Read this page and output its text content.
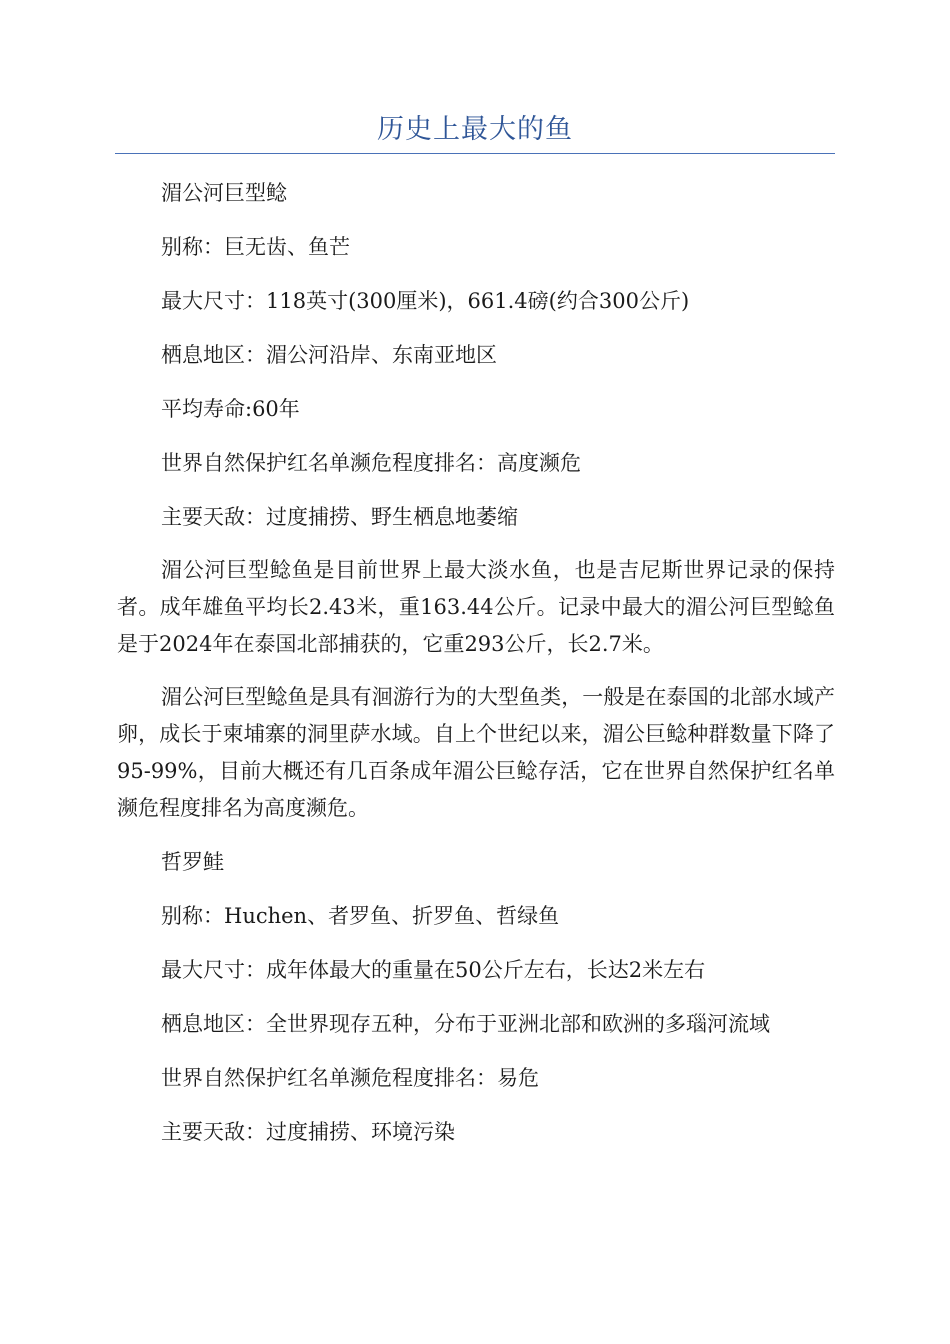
历史上最大的鱼

湄公河巨型鲶

别称：巨无齿、鱼芒

最大尺寸：118英寸(300厘米)，661.4磅(约合300公斤)

栖息地区：湄公河沿岸、东南亚地区

平均寿命:60年

世界自然保护红名单濒危程度排名：高度濒危

主要天敌：过度捕捞、野生栖息地萎缩

湄公河巨型鲶鱼是目前世界上最大淡水鱼，也是吉尼斯世界记录的保持者。成年雄鱼平均长2.43米，重163.44公斤。记录中最大的湄公河巨型鲶鱼是于2024年在泰国北部捕获的，它重293公斤，长2.7米。

湄公河巨型鲶鱼是具有洄游行为的大型鱼类，一般是在泰国的北部水域产卵，成长于柬埔寨的洞里萨水域。自上个世纪以来，湄公巨鲶种群数量下降了95-99%，目前大概还有几百条成年湄公巨鲶存活，它在世界自然保护红名单濒危程度排名为高度濒危。

哲罗鲑

别称：Huchen、者罗鱼、折罗鱼、哲绿鱼

最大尺寸：成年体最大的重量在50公斤左右，长达2米左右

栖息地区：全世界现存五种，分布于亚洲北部和欧洲的多瑙河流域

世界自然保护红名单濒危程度排名：易危

主要天敌：过度捕捞、环境污染
